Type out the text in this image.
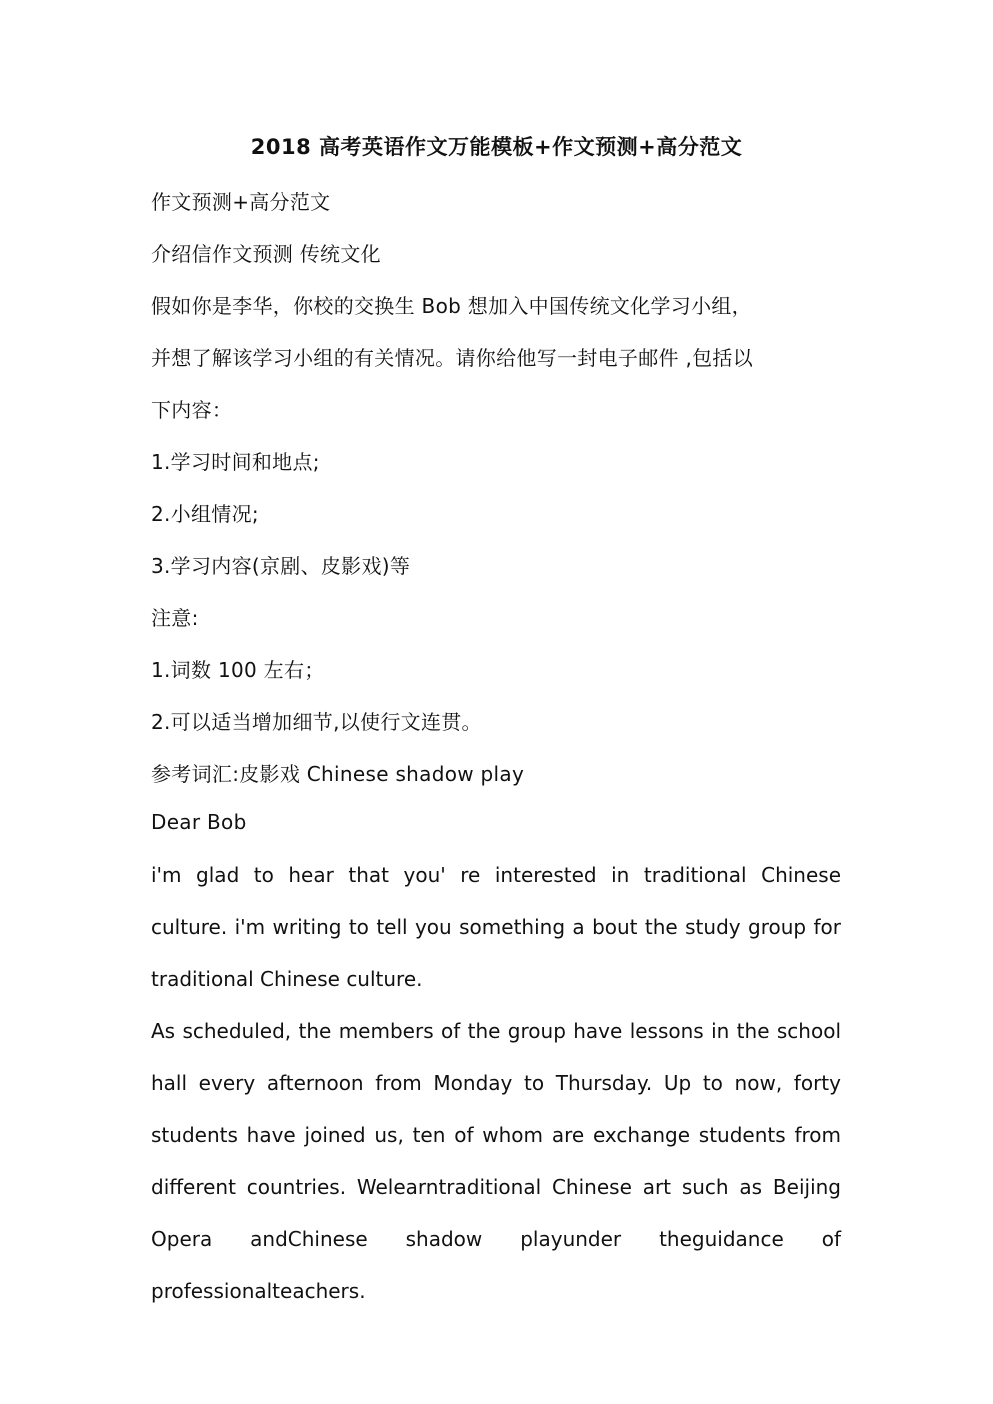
2018 高考英语作文万能模板+作文预测+高分范文
作文预测+高分范文
介绍信作文预测 传统文化
假如你是李华，你校的交换生 Bob 想加入中国传统文化学习小组，
并想了解该学习小组的有关情况。请你给他写一封电子邮件 ,包括以
下内容：
1.学习时间和地点;
2.小组情况;
3.学习内容(京剧、皮影戏)等
注意:
1.词数 100 左右；
2.可以适当增加细节,以使行文连贯。
参考词汇:皮影戏 Chinese shadow play
Dear Bob
i'm glad to hear that you' re interested in traditional Chinese culture. i'm writing to tell you something a bout the study group for traditional Chinese culture.
As scheduled, the members of the group have lessons in the school hall every afternoon from Monday to Thursday. Up to now, forty students have joined us, ten of whom are exchange students from different countries. Welearntraditional Chinese art such as Beijing Opera andChinese shadow playunder theguidance of professionalteachers.
